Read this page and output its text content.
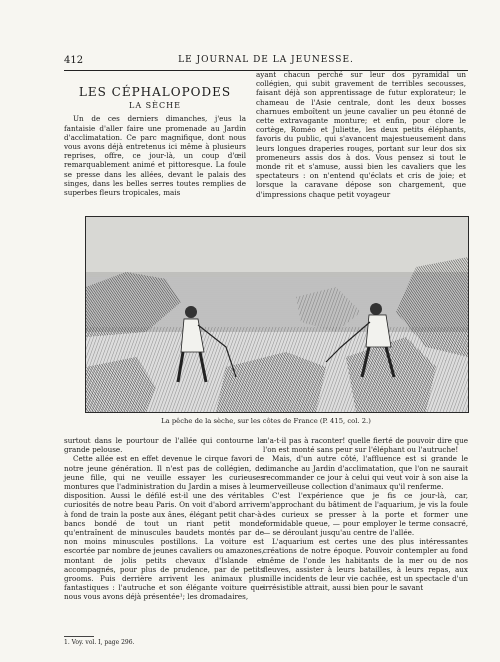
412	LE JOURNAL DE LA JEUNESSE.
LES CÉPHALOPODES
LA SÈCHE

Un de ces derniers dimanches, j'eus la fantaisie d'aller faire une promenade au Jardin d'acclimatation. Ce parc magnifique, dont nous vous avons déjà entretenus ici même à plusieurs reprises, offre, ce jour-là, un coup d'œil remarquablement animé et pittoresque. La foule se presse dans les allées, devant le palais des singes, dans les belles serres toutes remplies de superbes fleurs tropicales, mais

ayant chacun perché sur leur dos pyramidal un collégien, qui subit gravement de terribles secousses, faisant déjà son apprentissage de futur explorateur; le chameau de l'Asie centrale, dont les deux bosses charnues emboîtent un jeune cavalier un peu étonné de cette extravagante monture; et enfin, pour clore le cortège, Roméo et Juliette, les deux petits éléphants, favoris du public, qui s'avancent majestueusement dans leurs longues draperies rouges, portant sur leur dos six promeneurs assis dos à dos. Vous pensez si tout le monde rit et s'amuse, aussi bien les cavaliers que les spectateurs : on n'entend qu'éclats et cris de joie; et lorsque la caravane dépose son chargement, que d'impressions chaque petit voyageur

La pêche de la sèche, sur les côtes de France (P. 415, col. 2.)

surtout dans le pourtour de l'allée qui contourne la grande pelouse.

Cette allée est en effet devenue le cirque favori de notre jeune génération. Il n'est pas de collégien, de jeune fille, qui ne veuille essayer les curieuses montures que l'administration du Jardin a mises à leur disposition. Aussi le défilé est-il une des véritables curiosités de notre beau Paris. On voit d'abord arriver à fond de train la poste aux ânes, élégant petit char-à-bancs bondé de tout un riant petit monde qu'entraînent de minuscules baudets montés par de non moins minuscules postillons. La voiture est escortée par nombre de jeunes cavaliers ou amazones, montant de jolis petits chevaux d'Islande et accompagnés, pour plus de prudence, par de petits grooms. Puis derrière arrivent les animaux plus fantastiques : l'autruche et son élégante voiture que nous vous avons déjà présentée¹; les dromadaires,

n'a-t-il pas à raconter! quelle fierté de pouvoir dire que l'on est monté sans peur sur l'éléphant ou l'autruche!

Mais, d'un autre côté, l'affluence est si grande le dimanche au Jardin d'acclimatation, que l'on ne saurait recommander ce jour à celui qui veut voir à son aise la merveilleuse collection d'animaux qu'il renferme.

C'est l'expérience que je fis ce jour-là, car, m'approchant du bâtiment de l'aquarium, je vis la foule des curieux se presser à la porte et former une formidable queue, — pour employer le terme consacré, — se déroulant jusqu'au centre de l'allée.

L'aquarium est certes une des plus intéressantes créations de notre époque. Pouvoir contempler au fond même de l'onde les habitants de la mer ou de nos fleuves, assister à leurs batailles, à leurs repas, aux mille incidents de leur vie cachée, est un spectacle d'un irrésistible attrait, aussi bien pour le savant

1. Voy. vol. I, page 296.
